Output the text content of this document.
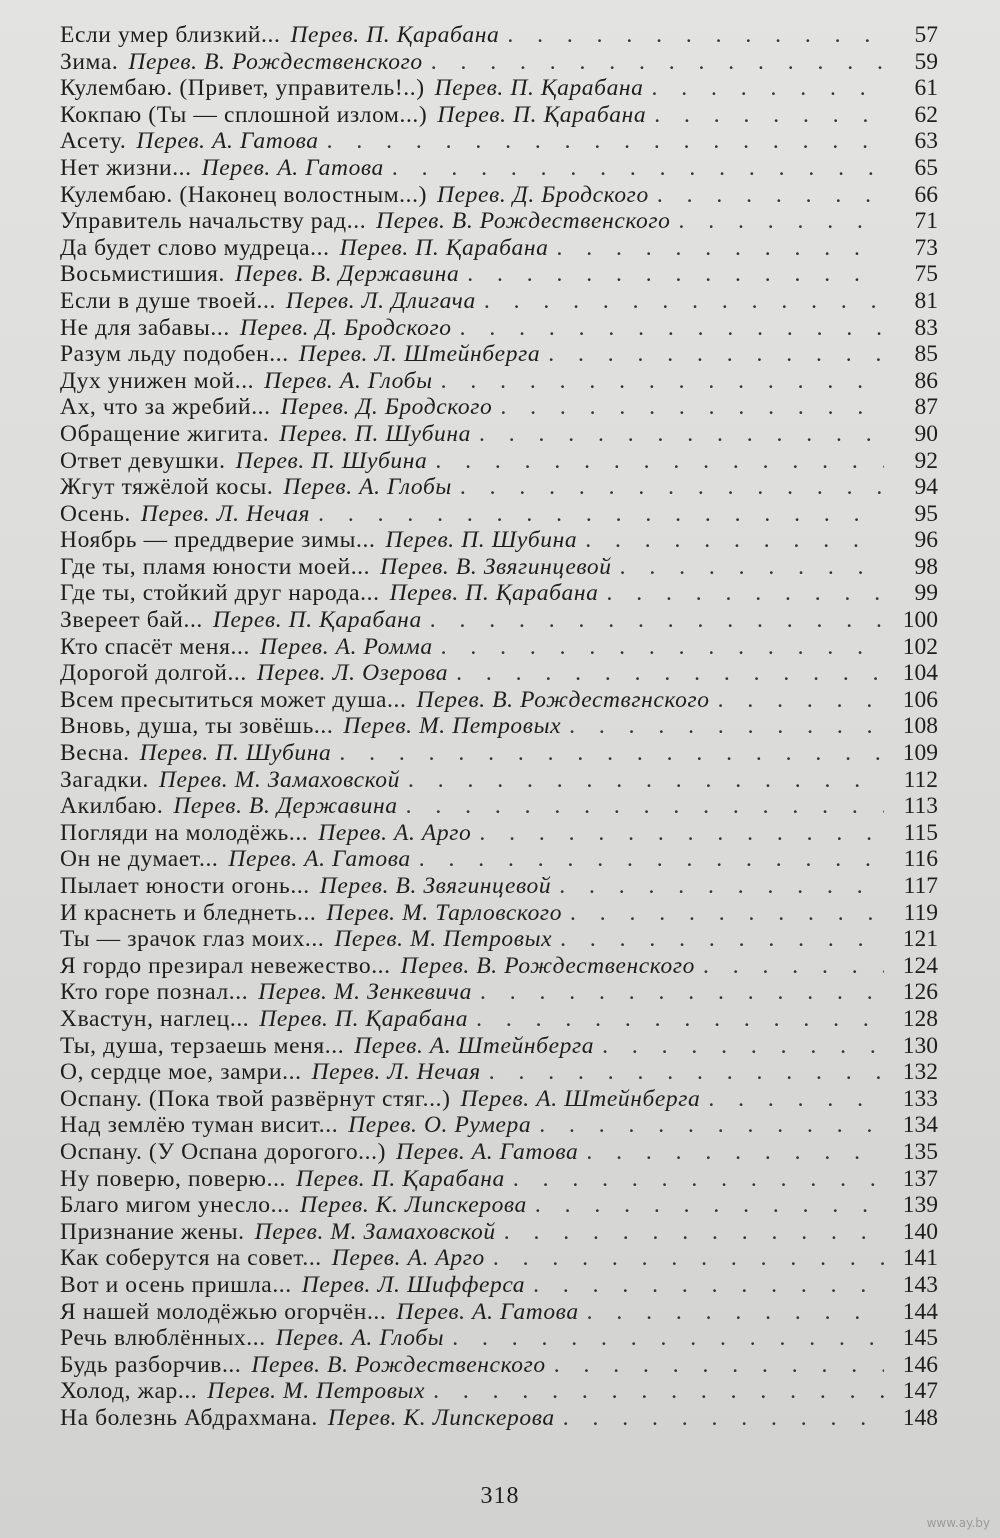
Если умер близкий... Перев. П. Қарабана . . .	57
Зима. Перев. В. Рождественского . . .	59
Кулембаю. (Привет, управитель!..) Перев. П. Қарабана . . .	61
Кокпаю (Ты — сплошной излом...) Перев. П. Қарабана . . .	62
Асету. Перев. А. Гатова . . .	63
Нет жизни... Перев. А. Гатова . . .	65
Кулембаю. (Наконец волостным...) Перев. Д. Бродского . . .	66
Управитель начальству рад... Перев. В. Рождественского . . .	71
Да будет слово мудреца... Перев. П. Қарабана . . .	73
Восьмистишия. Перев. В. Державина . . .	75
Если в душе твоей... Перев. Л. Длигача . . .	81
Не для забавы... Перев. Д. Бродского . . .	83
Разум льду подобен... Перев. Л. Штейнберга . . .	85
Дух унижен мой... Перев. А. Глобы . . .	86
Ах, что за жребий... Перев. Д. Бродского . . .	87
Обращение жигита. Перев. П. Шубина . . .	90
Ответ девушки. Перев. П. Шубина . . .	92
Жгут тяжёлой косы. Перев. А. Глобы . . .	94
Осень. Перев. Л. Нечая . . .	95
Ноябрь — преддверие зимы... Перев. П. Шубина . . .	96
Где ты, пламя юности моей... Перев. В. Звягинцевой . . .	98
Где ты, стойкий друг народа... Перев. П. Қарабана . . .	99
Звереет бай... Перев. П. Қарабана . . .	100
Кто спасёт меня... Перев. А. Ромма . . .	102
Дорогой долгой... Перев. Л. Озерова . . .	104
Всем пресытиться может душа... Перев. В. Рождествгнского . . .	106
Вновь, душа, ты зовёшь... Перев. М. Петровых . . .	108
Весна. Перев. П. Шубина . . .	109
Загадки. Перев. М. Замаховской . . .	112
Акилбаю. Перев. В. Державина . . .	113
Погляди на молодёжь... Перев. А. Арго . . .	115
Он не думает... Перев. А. Гатова . . .	116
Пылает юности огонь... Перев. В. Звягинцевой . . .	117
И краснеть и бледнеть... Перев. М. Тарловского . . .	119
Ты — зрачок глаз моих... Перев. М. Петровых . . .	121
Я гордо презирал невежество... Перев. В. Рождественского . . .	124
Кто горе познал... Перев. М. Зенкевича . . .	126
Хвастун, наглец... Перев. П. Қарабана . . .	128
Ты, душа, терзаешь меня... Перев. А. Штейнберга . . .	130
О, сердце мое, замри... Перев. Л. Нечая . . .	132
Оспану. (Пока твой развёрнут стяг...) Перев. А. Штейнберга . . .	133
Над землёю туман висит... Перев. О. Румера . . .	134
Оспану. (У Оспана дорогого...) Перев. А. Гатова . . .	135
Ну поверю, поверю... Перев. П. Қарабана . . .	137
Благо мигом унесло... Перев. К. Липскерова . . .	139
Признание жены. Перев. М. Замаховской . . .	140
Как соберутся на совет... Перев. А. Арго . . .	141
Вот и осень пришла... Перев. Л. Шифферса . . .	143
Я нашей молодёжью огорчён... Перев. А. Гатова . . .	144
Речь влюблённых... Перев. А. Глобы . . .	145
Будь разборчив... Перев. В. Рождественского . . .	146
Холод, жар... Перев. М. Петровых . . .	147
На болезнь Абдрахмана. Перев. К. Липскерова . . .	148
318
www.ay.by
